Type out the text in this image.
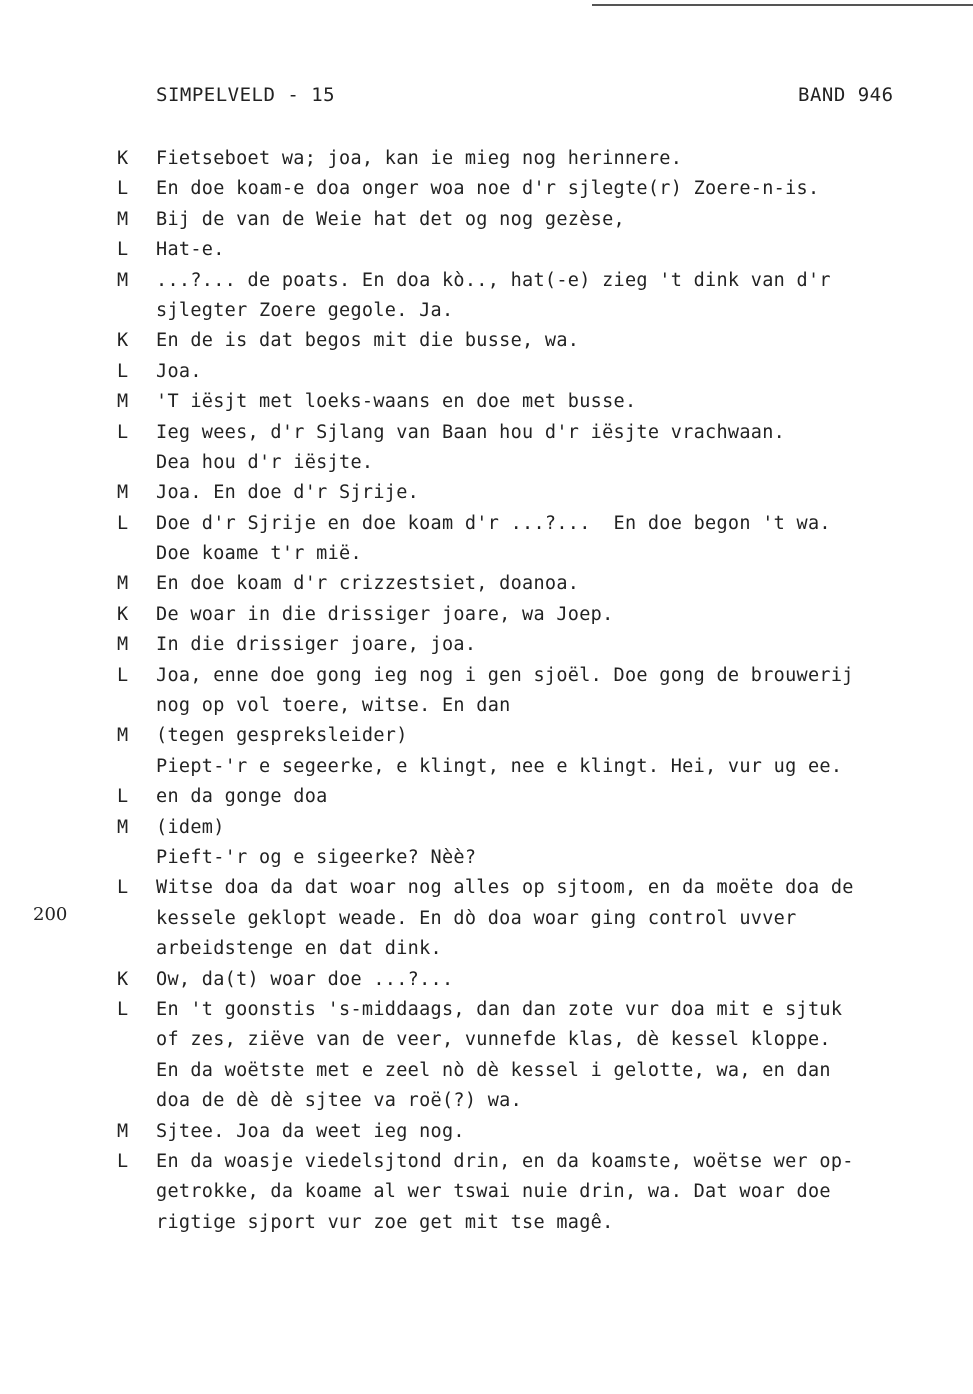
SIMPELVELD - 15	BAND 946
200
K	Fietseboet wa; joa, kan ie mieg nog herinnere.
L	En doe koam-e doa onger woa noe d'r sjlegte(r) Zoere-n-is.
M	Bij de van de Weie hat det og nog gezèse,
L	Hat-e.
M	...?... de poats. En doa kò.., hat(-e) zieg 't dink van d'r
sjlegter Zoere gegole. Ja.
K	En de is dat begos mit die busse, wa.
L	Joa.
M	'T iësjt met loeks-waans en doe met busse.
L	Ieg wees, d'r Sjlang van Baan hou d'r iësjte vrachwaan.
Dea hou d'r iësjte.
M	Joa. En doe d'r Sjrije.
L	Doe d'r Sjrije en doe koam d'r ...?...  En doe begon 't wa.
Doe koame t'r mië.
M	En doe koam d'r crizzestsiet, doanoa.
K	De woar in die drissiger joare, wa Joep.
M	In die drissiger joare, joa.
L	Joa, enne doe gong ieg nog i gen sjoël. Doe gong de brouwerij
nog op vol toere, witse. En dan
M	(tegen gespreksleider)
Piept-'r e segeerke, e klingt, nee e klingt. Hei, vur ug ee.
L	en da gonge doa
M	(idem)
Pieft-'r og e sigeerke? Nèè?
L	Witse doa da dat woar nog alles op sjtoom, en da moëte doa de
kessele geklopt weade. En dò doa woar ging control uvver
arbeidstenge en dat dink.
K	Ow, da(t) woar doe ...?...
L	En 't goonstis 's-middaags, dan dan zote vur doa mit e sjtuk
of zes, ziëve van de veer, vunnefde klas, dè kessel kloppe.
En da woëtste met e zeel nò dè kessel i gelotte, wa, en dan
doa de dè dè sjtee va roë(?) wa.
M	Sjtee. Joa da weet ieg nog.
L	En da woasje viedelsjtond drin, en da koamste, woëtse wer op-
getrokke, da koame al wer tswai nuie drin, wa. Dat woar doe
rigtige sjport vur zoe get mit tse magê.
